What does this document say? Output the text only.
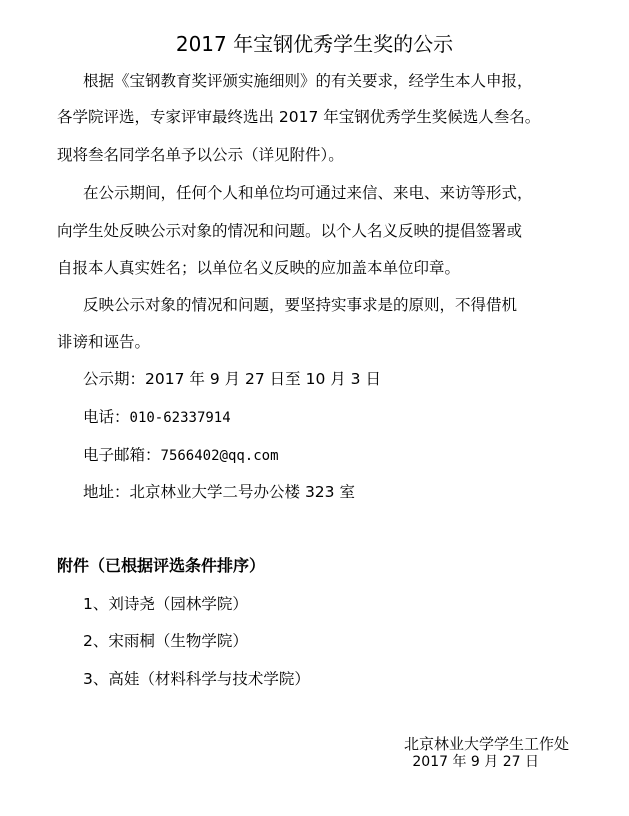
2017 年宝钢优秀学生奖的公示
根据《宝钢教育奖评颁实施细则》的有关要求，经学生本人申报，
各学院评选，专家评审最终选出 2017 年宝钢优秀学生奖候选人叁名。
现将叁名同学名单予以公示（详见附件）。
在公示期间，任何个人和单位均可通过来信、来电、来访等形式，
向学生处反映公示对象的情况和问题。以个人名义反映的提倡签署或
自报本人真实姓名；以单位名义反映的应加盖本单位印章。
反映公示对象的情况和问题，要坚持实事求是的原则，不得借机
诽谤和诬告。
公示期：2017 年 9 月 27 日至 10 月 3 日
电话：010-62337914
电子邮箱：7566402@qq.com
地址：北京林业大学二号办公楼 323 室
附件（已根据评选条件排序）
1、刘诗尧（园林学院）
2、宋雨桐（生物学院）
3、高娃（材料科学与技术学院）
北京林业大学学生工作处
2017 年 9 月 27 日
